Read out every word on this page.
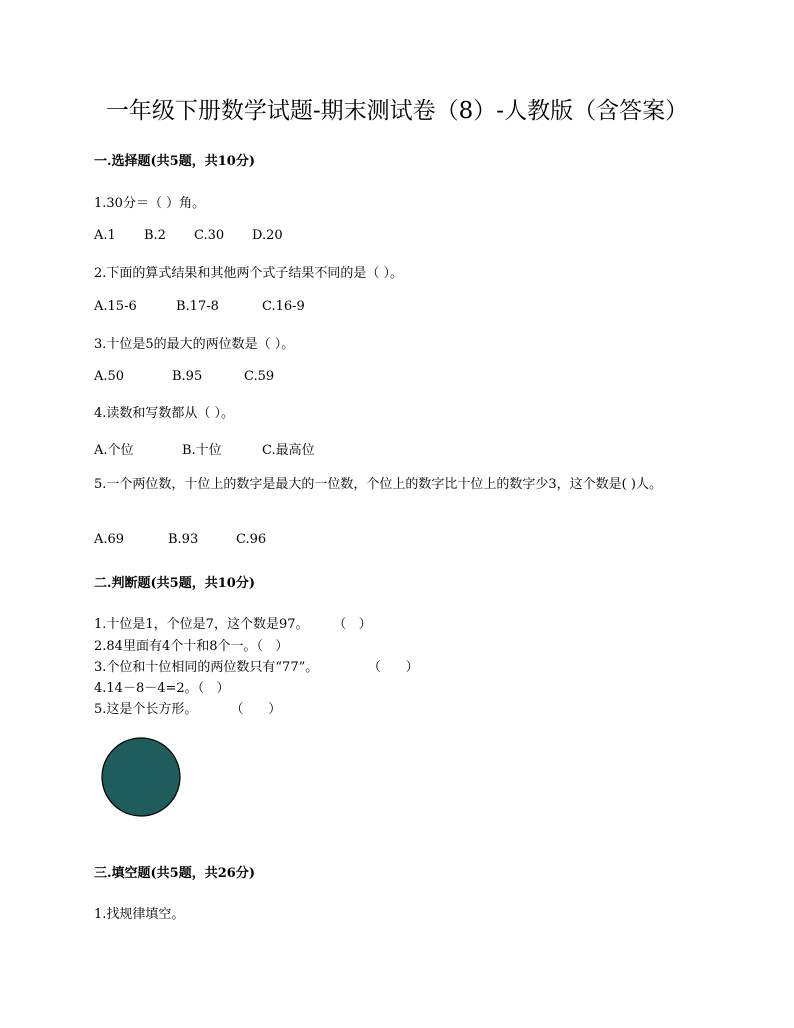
一年级下册数学试题-期末测试卷（8）-人教版（含答案）
一.选择题(共5题，共10分)
1.30分＝（ ）角。
A.1	B.2	C.30	D.20
2.下面的算式结果和其他两个式子结果不同的是（ ）。
A.15-6	B.17-8	C.16-9
3.十位是5的最大的两位数是（ ）。
A.50	B.95	C.59
4.读数和写数都从（ ）。
A.个位	B.十位	C.最高位
5.一个两位数，十位上的数字是最大的一位数，个位上的数字比十位上的数字少3，这个数是( )人。
A.69	B.93	C.96
二.判断题(共5题，共10分)
1.十位是1，个位是7，这个数是97。      （   ）
2.84里面有4个十和8个一。（   ）
3.个位和十位相同的两位数只有“77”。            （      ）
4.14－8－4=2。（   ）
5.这是个长方形。        （      ）
三.填空题(共5题，共26分)
1.找规律填空。
